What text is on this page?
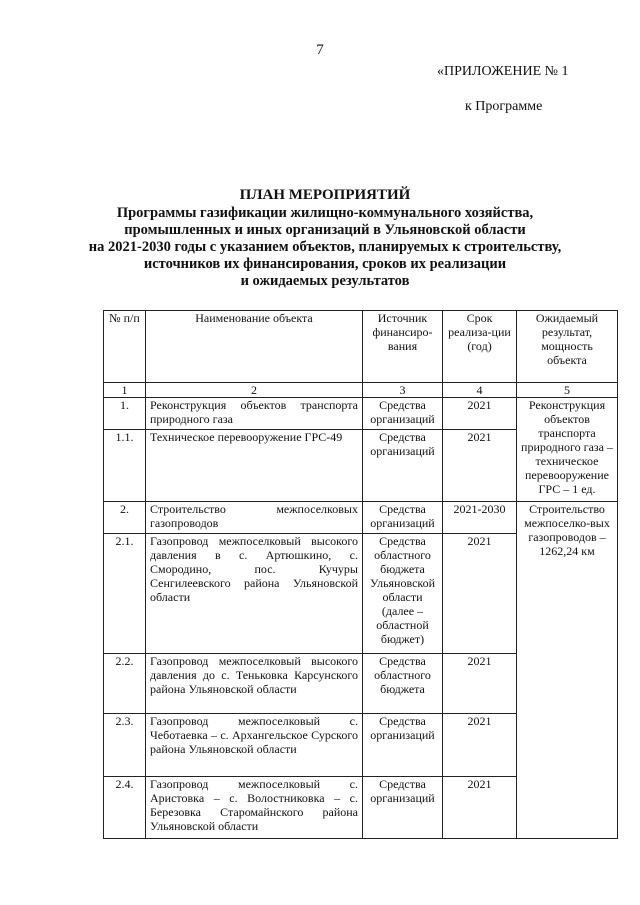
7
«ПРИЛОЖЕНИЕ № 1
к Программе
ПЛАН МЕРОПРИЯТИЙ
Программы газификации жилищно-коммунального хозяйства,
промышленных и иных организаций в Ульяновской области
на 2021-2030 годы с указанием объектов, планируемых к строительству,
источников их финансирования, сроков их реализации
и ожидаемых результатов
№ п/п	Наименование объекта	Источник финансиро-вания	Срок реализа-ции (год)	Ожидаемый результат, мощность объекта
1	2	3	4	5
1.	Реконструкция объектов транспорта природного газа	Средства организаций	2021	Реконструкция объектов транспорта природного газа – техническое перевооружение ГРС – 1 ед.
1.1.	Техническое перевооружение ГРС-49	Средства организаций	2021	
2.	Строительство межпоселковых газопроводов	Средства организаций	2021-2030	Строительство межпоселко-вых газопроводов – 1262,24 км
2.1.	Газопровод межпоселковый высокого давления в с. Артюшкино, с. Смородино, пос. Кучуры Сенгилеевского района Ульяновской области	Средства областного бюджета Ульяновской области (далее – областной бюджет)	2021	
2.2.	Газопровод межпоселковый высокого давления до с. Теньковка Карсунского района Ульяновской области	Средства областного бюджета	2021	
2.3.	Газопровод межпоселковый с. Чеботаевка – с. Архангельское Сурского района Ульяновской области	Средства организаций	2021	
2.4.	Газопровод межпоселковый с. Аристовка – с. Волостниковка – с. Березовка Старомайнского района Ульяновской области	Средства организаций	2021	
